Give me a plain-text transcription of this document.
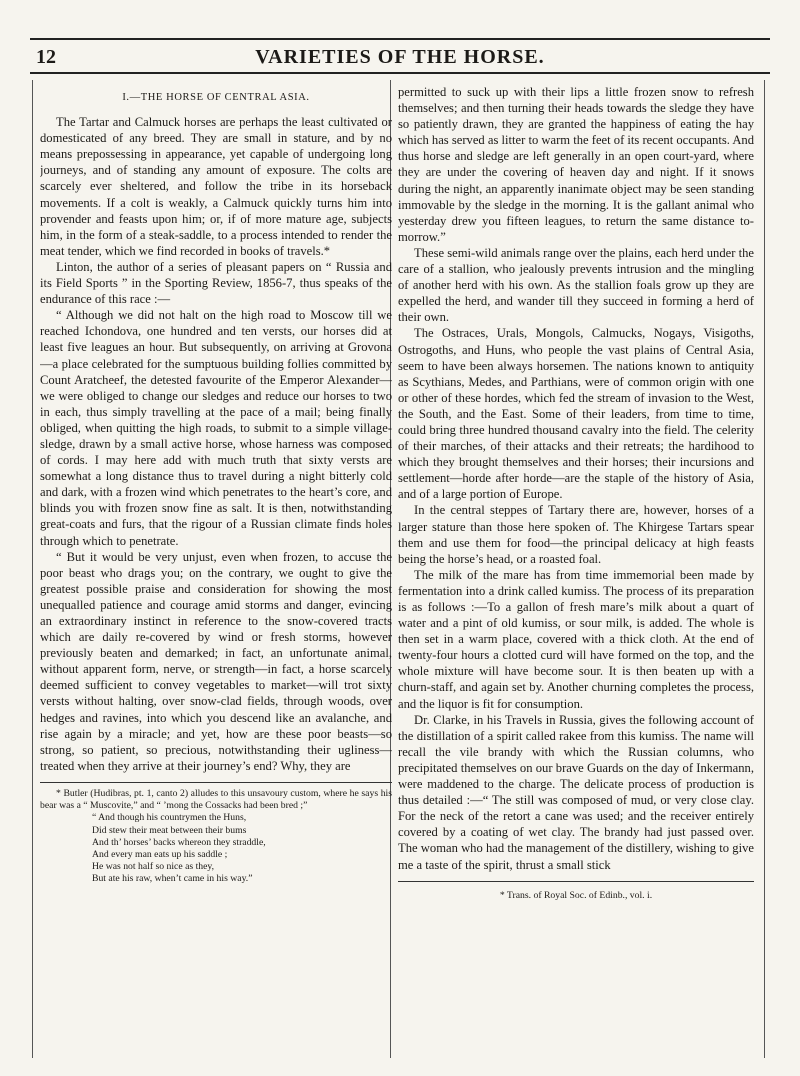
12	VARIETIES OF THE HORSE.
I.—THE HORSE OF CENTRAL ASIA.

The Tartar and Calmuck horses are perhaps the least cultivated or domesticated of any breed. They are small in stature, and by no means prepossessing in appearance, yet capable of undergoing long journeys, and of standing any amount of exposure. The colts are scarcely ever sheltered, and follow the tribe in its horseback movements. If a colt is weakly, a Calmuck quickly turns him into provender and feasts upon him; or, if of more mature age, subjects him, in the form of a steak-saddle, to a process intended to render the meat tender, which we find recorded in books of travels.*

Linton, the author of a series of pleasant papers on “ Russia and its Field Sports ” in the Sporting Review, 1856-7, thus speaks of the endurance of this race :—

“ Although we did not halt on the high road to Moscow till we reached Ichondova, one hundred and ten versts, our horses did at least five leagues an hour. But subsequently, on arriving at Grovona—a place celebrated for the sumptuous building follies committed by Count Aratcheef, the detested favourite of the Emperor Alexander—we were obliged to change our sledges and reduce our horses to two in each, thus simply travelling at the pace of a mail; being finally obliged, when quitting the high roads, to submit to a simple village-sledge, drawn by a small active horse, whose harness was composed of cords. I may here add with much truth that sixty versts are somewhat a long distance thus to travel during a night bitterly cold and dark, with a frozen wind which penetrates to the heart’s core, and blinds you with frozen snow fine as salt. It is then, notwithstanding great-coats and furs, that the rigour of a Russian climate finds holes through which to penetrate.

“ But it would be very unjust, even when frozen, to accuse the poor beast who drags you; on the contrary, we ought to give the greatest possible praise and consideration for showing the most unequalled patience and courage amid storms and danger, evincing an extraordinary instinct in reference to the snow-covered tracts which are daily re-covered by wind or fresh storms, however previously beaten and demarked; in fact, an unfortunate animal, without apparent form, nerve, or strength—in fact, a horse scarcely deemed sufficient to convey vegetables to market—will trot sixty versts without halting, over snow-clad fields, through woods, over hedges and ravines, into which you descend like an avalanche, and rise again by a miracle; and yet, how are these poor beasts—so strong, so patient, so precious, notwithstanding their ugliness—treated when they arrive at their journey’s end? Why, they are

* Butler (Hudibras, pt. 1, canto 2) alludes to this unsavoury custom, where he says his bear was a “ Muscovite,” and “ ’mong the Cossacks had been bred ;”

“ And though his countrymen the Huns,
Did stew their meat between their bums
And th’ horses’ backs whereon they straddle,
And every man eats up his saddle ;
He was not half so nice as they,
But ate his raw, when’t came in his way.”

permitted to suck up with their lips a little frozen snow to refresh themselves; and then turning their heads towards the sledge they have so patiently drawn, they are granted the happiness of eating the hay which has served as litter to warm the feet of its recent occupants. And thus horse and sledge are left generally in an open court-yard, where they are under the covering of heaven day and night. If it snows during the night, an apparently inanimate object may be seen standing immovable by the sledge in the morning. It is the gallant animal who yesterday drew you fifteen leagues, to return the same distance to-morrow.”

These semi-wild animals range over the plains, each herd under the care of a stallion, who jealously prevents intrusion and the mingling of another herd with his own. As the stallion foals grow up they are expelled the herd, and wander till they succeed in forming a herd of their own.

The Ostraces, Urals, Mongols, Calmucks, Nogays, Visigoths, Ostrogoths, and Huns, who people the vast plains of Central Asia, seem to have been always horsemen. The nations known to antiquity as Scythians, Medes, and Parthians, were of common origin with one or other of these hordes, which fed the stream of invasion to the West, the South, and the East. Some of their leaders, from time to time, could bring three hundred thousand cavalry into the field. The celerity of their marches, of their attacks and their retreats; the hardihood to which they brought themselves and their horses; their incursions and settlement—horde after horde—are the staple of the history of Asia, and of a large portion of Europe.

In the central steppes of Tartary there are, however, horses of a larger stature than those here spoken of. The Khirgese Tartars spear them and use them for food—the principal delicacy at high feasts being the horse’s head, or a roasted foal.

The milk of the mare has from time immemorial been made by fermentation into a drink called kumiss. The process of its preparation is as follows :—To a gallon of fresh mare’s milk about a quart of water and a pint of old kumiss, or sour milk, is added. The whole is then set in a warm place, covered with a thick cloth. At the end of twenty-four hours a clotted curd will have formed on the top, and the whole mixture will have become sour. It is then beaten up with a churn-staff, and again set by. Another churning completes the process, and the liquor is fit for consumption.

Dr. Clarke, in his Travels in Russia, gives the following account of the distillation of a spirit called rakee from this kumiss. The name will recall the vile brandy with which the Russian columns, who precipitated themselves on our brave Guards on the day of Inkermann, were maddened to the charge. The delicate process of production is thus detailed :—“ The still was composed of mud, or very close clay. For the neck of the retort a cane was used; and the receiver entirely covered by a coating of wet clay. The brandy had just passed over. The woman who had the management of the distillery, wishing to give me a taste of the spirit, thrust a small stick

* Trans. of Royal Soc. of Edinb., vol. i.
